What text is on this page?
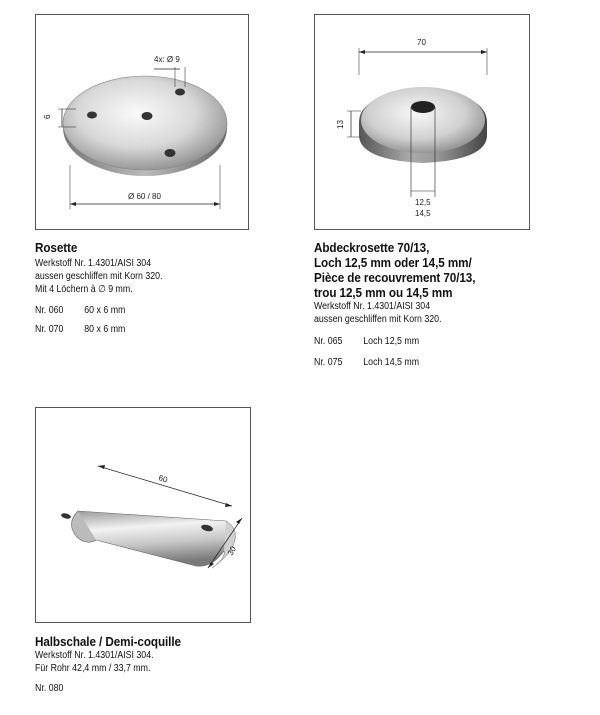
4x: Ø 9
6
Ø 60 / 80
70
13
12,5
14,5
Rosette
Werkstoff Nr. 1.4301/AISI 304
aussen geschliffen mit Korn 320.
Mit 4 Löchern à ∅ 9 mm.
Nr. 060	60 x 6 mm
Nr. 070	80 x 6 mm
Abdeckrosette 70/13,
Loch 12,5 mm oder 14,5 mm/
Pièce de recouvrement 70/13,
trou 12,5 mm ou 14,5 mm
Werkstoff Nr. 1.4301/AISI 304
aussen geschliffen mit Korn 320.
Nr. 065	Loch 12,5 mm
Nr. 075	Loch 14,5 mm
60
30
Halbschale / Demi-coquille
Werkstoff Nr. 1.4301/AISI 304.
Für Rohr 42,4 mm / 33,7 mm.
Nr. 080
